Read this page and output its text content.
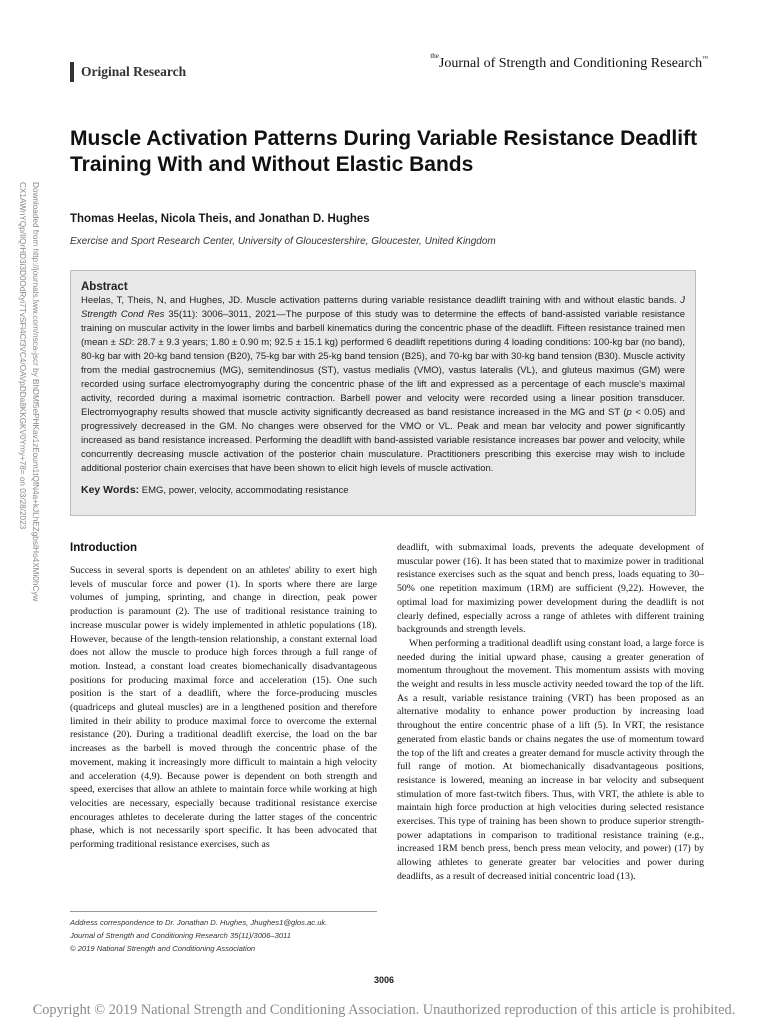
Original Research
$^{the}$Journal of Strength and Conditioning Research™
Downloaded from http://journals.lww.com/nsca-jscr by BhDMf5ePHKav1zEoum1tQfN4a+kJLhEZgbsIHo4XMi0hCyw CX1AWnYQp/IlQrHD3i3D0OdRyi7TvSFl4Cf3VC4/OAVpDDa8KKGKV0Ymy+78= on 03/28/2023
Muscle Activation Patterns During Variable Resistance Deadlift Training With and Without Elastic Bands
Thomas Heelas, Nicola Theis, and Jonathan D. Hughes
Exercise and Sport Research Center, University of Gloucestershire, Gloucester, United Kingdom
Abstract

Heelas, T, Theis, N, and Hughes, JD. Muscle activation patterns during variable resistance deadlift training with and without elastic bands. J Strength Cond Res 35(11): 3006–3011, 2021—The purpose of this study was to determine the effects of band-assisted variable resistance training on muscular activity in the lower limbs and barbell kinematics during the concentric phase of the deadlift. Fifteen resistance trained men (mean ± SD: 28.7 ± 9.3 years; 1.80 ± 0.90 m; 92.5 ± 15.1 kg) performed 6 deadlift repetitions during 4 loading conditions: 100-kg bar (no band), 80-kg bar with 20-kg band tension (B20), 75-kg bar with 25-kg band tension (B25), and 70-kg bar with 30-kg band tension (B30). Muscle activity from the medial gastrocnemius (MG), semitendinosus (ST), vastus medialis (VMO), vastus lateralis (VL), and gluteus maximus (GM) were recorded using surface electromyography during the concentric phase of the lift and expressed as a percentage of each muscle's maximal activity, recorded during a maximal isometric contraction. Barbell power and velocity were recorded using a linear position transducer. Electromyography results showed that muscle activity significantly decreased as band resistance increased in the MG and ST (p < 0.05) and progressively decreased in the GM. No changes were observed for the VMO or VL. Peak and mean bar velocity and power significantly increased as band resistance increased. Performing the deadlift with band-assisted variable resistance increases bar power and velocity, while concurrently decreasing muscle activation of the posterior chain musculature. Practitioners prescribing this exercise may wish to include additional posterior chain exercises that have been shown to elicit high levels of muscle activation.

Key Words: EMG, power, velocity, accommodating resistance
Introduction

Success in several sports is dependent on an athletes' ability to exert high levels of muscular force and power (1). In sports where there are large volumes of jumping, sprinting, and change in direction, peak power production is paramount (2). The use of traditional resistance training to increase muscular power is widely implemented in athletic populations (18). However, because of the length-tension relationship, a constant external load does not allow the muscle to produce high forces through a full range of motion. Instead, a constant load creates biomechanically disadvantageous positions for producing maximal force and acceleration (15). One such position is the start of a deadlift, where the force-producing muscles (quadriceps and gluteal muscles) are in a lengthened position and therefore limited in their ability to produce maximal force to overcome the external resistance (20). During a traditional deadlift exercise, the load on the bar increases as the barbell is moved through the concentric phase of the movement, making it increasingly more difficult to maintain a high velocity and acceleration (4,9). Because power is dependent on both strength and speed, exercises that allow an athlete to maintain force while working at high velocities are necessary, especially because traditional resistance exercise encourages athletes to decelerate during the latter stages of the concentric phase, which is not necessarily sport specific. It has been advocated that performing traditional resistance exercises, such as

deadlift, with submaximal loads, prevents the adequate development of muscular power (16). It has been stated that to maximize power in traditional resistance exercises such as the squat and bench press, loads equating to 30–50% one repetition maximum (1RM) are sufficient (9,22). However, the optimal load for maximizing power development during the deadlift is not clearly defined, especially across a range of athletes with different training backgrounds and strength levels.

When performing a traditional deadlift using constant load, a large force is needed during the initial upward phase, causing a greater generation of momentum throughout the movement. This momentum assists with moving the weight and results in less muscle activity needed toward the top of the lift. As a result, variable resistance training (VRT) has been proposed as an alternative modality to enhance power production by increasing load throughout the entire concentric phase of a lift (5). In VRT, the resistance generated from elastic bands or chains negates the use of momentum toward the top of the lift and creates a greater demand for muscle activity through the full range of motion. At biomechanically disadvantageous positions, resistance is lowered, meaning an increase in bar velocity and subsequent stimulation of more fast-twitch fibers. Thus, with VRT, the athlete is able to maintain high force production at high velocities during selected resistance exercises. This type of training has been shown to produce superior strength-power adaptations in comparison to traditional resistance training (e.g., increased 1RM bench press, bench press mean velocity, and power) (17) by allowing athletes to generate greater bar velocities and power during deadlifts, as a result of decreased initial concentric load (13).

Address correspondence to Dr. Jonathan D. Hughes, Jhughes1@glos.ac.uk.
Journal of Strength and Conditioning Research 35(11)/3006–3011
© 2019 National Strength and Conditioning Association
3006
Copyright © 2019 National Strength and Conditioning Association. Unauthorized reproduction of this article is prohibited.
